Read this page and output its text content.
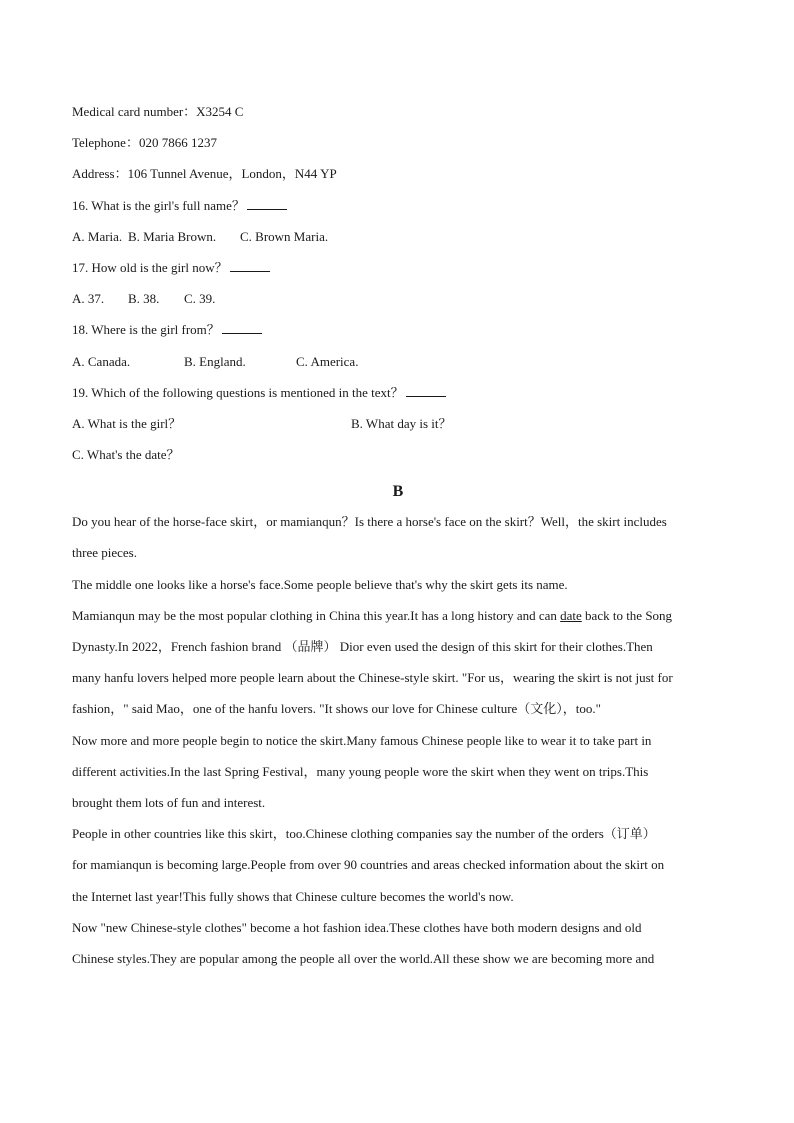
Medical card number：X3254 C
Telephone：020 7866 1237
Address：106 Tunnel Avenue，London，N44 YP
16. What is the girl's full name？
A. Maria. B. Maria Brown.	C. Brown Maria.
17. How old is the girl now？
A. 37.	B. 38.	C. 39.
18. Where is the girl from？
A. Canada.	B. England.	C. America.
19. Which of the following questions is mentioned in the text？
A. What is the girl？	B. What day is it？
C. What's the date？
B
Do you hear of the horse-face skirt，or mamianqun？Is there a horse's face on the skirt？Well，the skirt includes
three pieces.
The middle one looks like a horse's face.Some people believe that's why the skirt gets its name.
Mamianqun may be the most popular clothing in China this year.It has a long history and can date back to the Song
Dynasty.In 2022，French fashion brand （品牌） Dior even used the design of this skirt for their clothes.Then
many hanfu lovers helped more people learn about the Chinese-style skirt. "For us，wearing the skirt is not just for
fashion，" said Mao，one of the hanfu lovers. "It shows our love for Chinese culture（文化），too."
Now more and more people begin to notice the skirt.Many famous Chinese people like to wear it to take part in
different activities.In the last Spring Festival，many young people wore the skirt when they went on trips.This
brought them lots of fun and interest.
People in other countries like this skirt，too.Chinese clothing companies say the number of the orders（订单）
for mamianqun is becoming large.People from over 90 countries and areas checked information about the skirt on
the Internet last year!This fully shows that Chinese culture becomes the world's now.
Now "new Chinese-style clothes" become a hot fashion idea.These clothes have both modern designs and old
Chinese styles.They are popular among the people all over the world.All these show we are becoming more and
